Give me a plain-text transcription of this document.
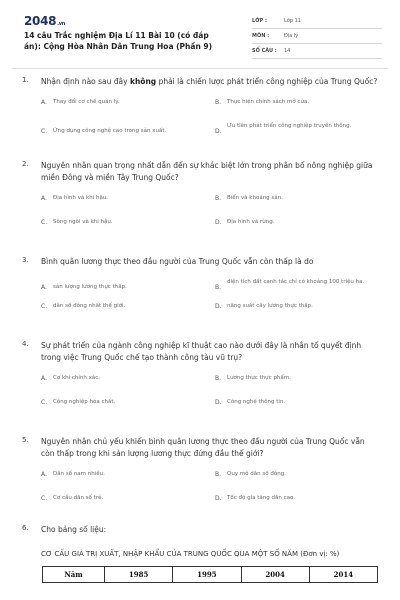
2048.vn
14 câu Trắc nghiệm Địa Lí 11 Bài 10 (có đáp án): Cộng Hòa Nhân Dân Trung Hoa (Phần 9)
LỚP :	Lớp 11
MÔN :	Địa lý
SỐ CÂU :	14
1. Nhận định nào sau đây không phải là chiến lược phát triển công nghiệp của Trung Quốc?
A.	Thay đổi cơ chế quản lý.	B.	Thực hiện chính sách mở cửa.
C.	Ứng dụng công nghệ cao trong sản xuất.	D.
Ưu tiên phát triển công nghiệp truyền thống.
2. Nguyên nhân quan trọng nhất dẫn đến sự khác biệt lớn trong phân bố nông nghiệp giữa miền Đông và miền Tây Trung Quốc?
A.	Địa hình và khí hậu.	B.	Biển và khoáng sản.
C.	Sông ngòi và khí hậu.	D. Địa hình và rừng.
3. Bình quân lương thực theo đầu người của Trung Quốc vẫn còn thấp là do
A.	sản lượng lương thực thấp.	B.
diện tích đất canh tác chỉ có khoảng 100 triệu ha.
C.	dân số đông nhất thế giới.	D. năng suất cây lương thực thấp.
4. Sự phát triển của ngành công nghiệp kĩ thuật cao nào dưới đây là nhân tố quyết định trong việc Trung Quốc chế tạo thành công tàu vũ trụ?
A.	Cơ khí chính xác.	B.	Lương thực thực phẩm.
C.	Công nghiệp hóa chất.	D. Công nghệ thông tin.
5. Nguyên nhân chủ yếu khiến bình quân lương thực theo đầu người của Trung Quốc vẫn còn thấp trong khi sản lượng lương thực đứng đầu thế giới?
A.	Dân số nam nhiều.	B.	Quy mô dân số đông.
C.	Cơ cấu dân số trẻ.	D. Tốc độ gia tăng dân cao.
6. Cho bảng số liệu:
CƠ CẤU GIÁ TRỊ XUẤT, NHẬP KHẨU CỦA TRUNG QUỐC QUA MỘT SỐ NĂM (Đơn vị: %)
Năm	1985	1995	2004	2014
